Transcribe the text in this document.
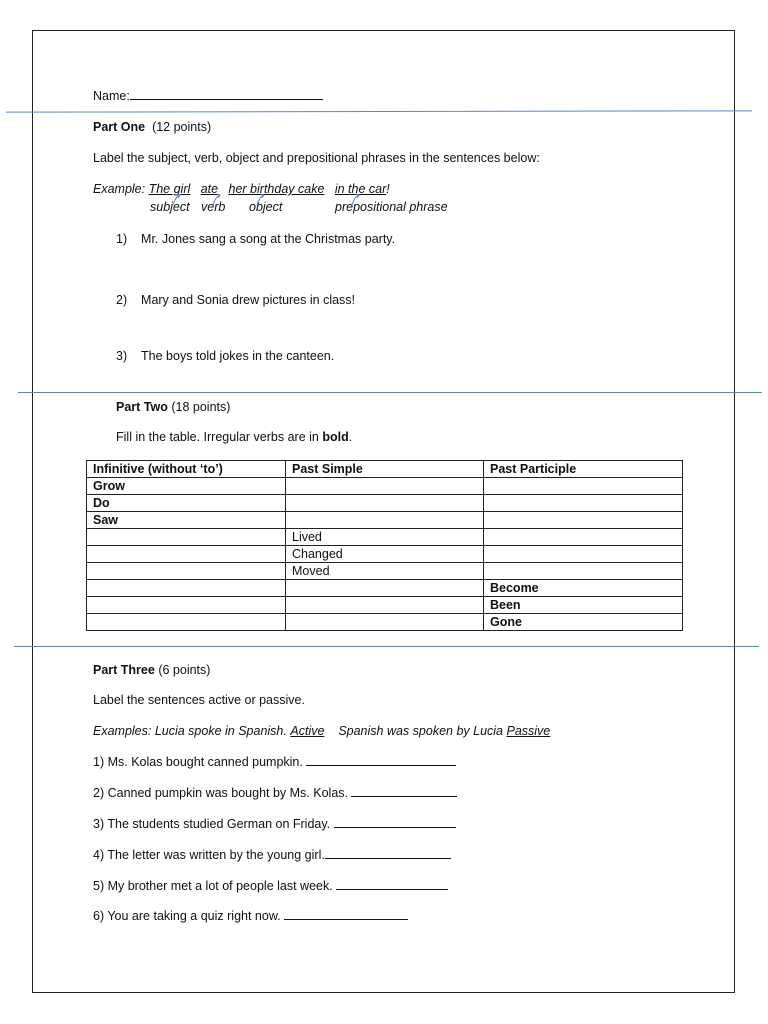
Name:
Part One (12 points)
Label the subject, verb, object and prepositional phrases in the sentences below:
Example: The girl ate her birthday cake in the car!
subject verb object	prepositional phrase
1) Mr. Jones sang a song at the Christmas party.
2) Mary and Sonia drew pictures in class!
3) The boys told jokes in the canteen.
Part Two (18 points)
Fill in the table. Irregular verbs are in bold.
Infinitive (without ‘to’)	Past Simple	Past Participle
Grow		
Do		
Saw		
	Lived	
	Changed	
	Moved	
		Become
		Been
		Gone
Part Three (6 points)
Label the sentences active or passive.
Examples: Lucia spoke in Spanish. Active Spanish was spoken by Lucia Passive
1) Ms. Kolas bought canned pumpkin.
2) Canned pumpkin was bought by Ms. Kolas.
3) The students studied German on Friday.
4) The letter was written by the young girl.
5) My brother met a lot of people last week.
6) You are taking a quiz right now.
